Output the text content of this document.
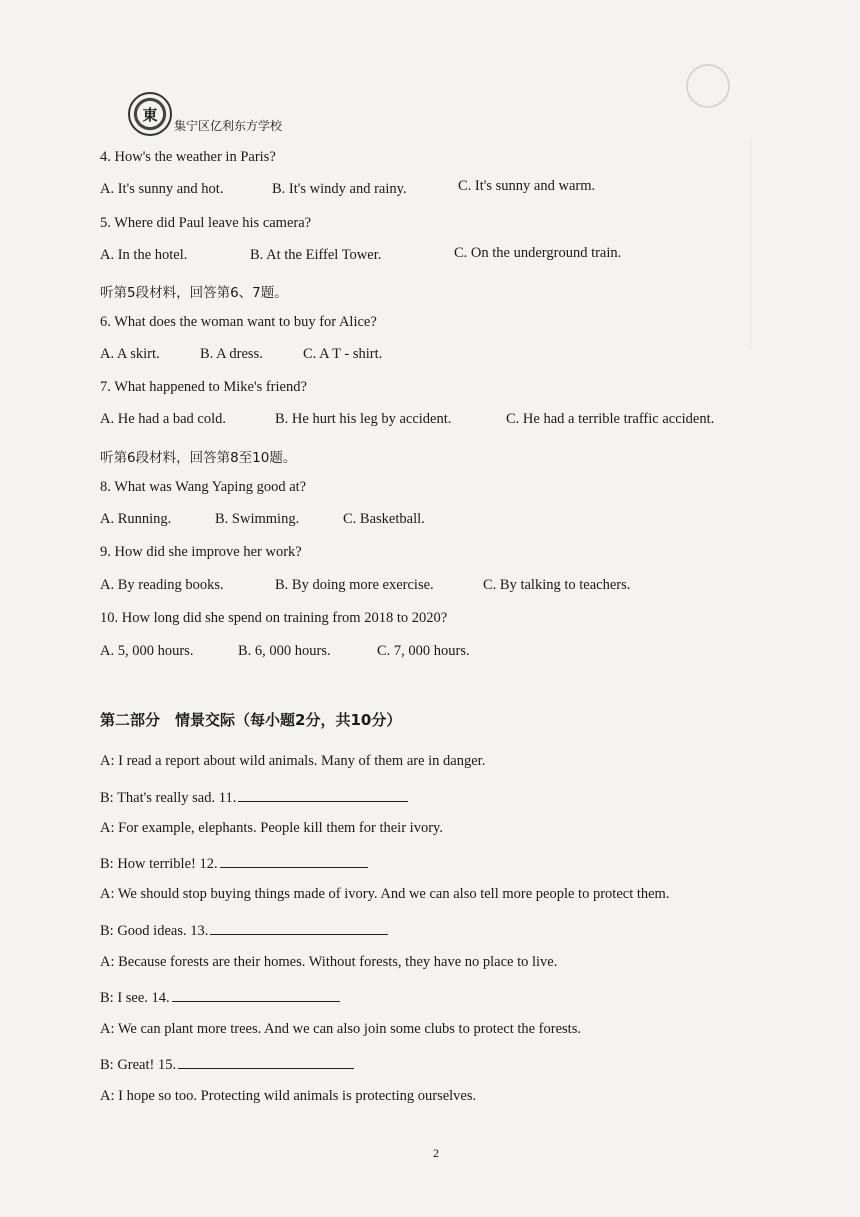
東
集宁区亿利东方学校
4. How's the weather in Paris?
A. It's sunny and hot.	B. It's windy and rainy.	C. It's sunny and warm.
5. Where did Paul leave his camera?
A. In the hotel.	B. At the Eiffel Tower.	C. On the underground train.
听第5段材料，回答第6、7题。
6. What does the woman want to buy for Alice?
A. A skirt.	B. A dress.	C. A T - shirt.
7. What happened to Mike's friend?
A. He had a bad cold.	B. He hurt his leg by accident.	C. He had a terrible traffic accident.
听第6段材料，回答第8至10题。
8. What was Wang Yaping good at?
A. Running.	B. Swimming.	C. Basketball.
9. How did she improve her work?
A. By reading books.	B. By doing more exercise.	C. By talking to teachers.
10. How long did she spend on training from 2018 to 2020?
A. 5, 000 hours.	B. 6, 000 hours.	C. 7, 000 hours.
第二部分　情景交际（每小题2分，共10分）
A: I read a report about wild animals. Many of them are in danger.
B: That's really sad. 11.
A: For example, elephants. People kill them for their ivory.
B: How terrible! 12.
A: We should stop buying things made of ivory. And we can also tell more people to protect them.
B: Good ideas. 13.
A: Because forests are their homes. Without forests, they have no place to live.
B: I see. 14.
A: We can plant more trees. And we can also join some clubs to protect the forests.
B: Great! 15.
A: I hope so too. Protecting wild animals is protecting ourselves.
2
